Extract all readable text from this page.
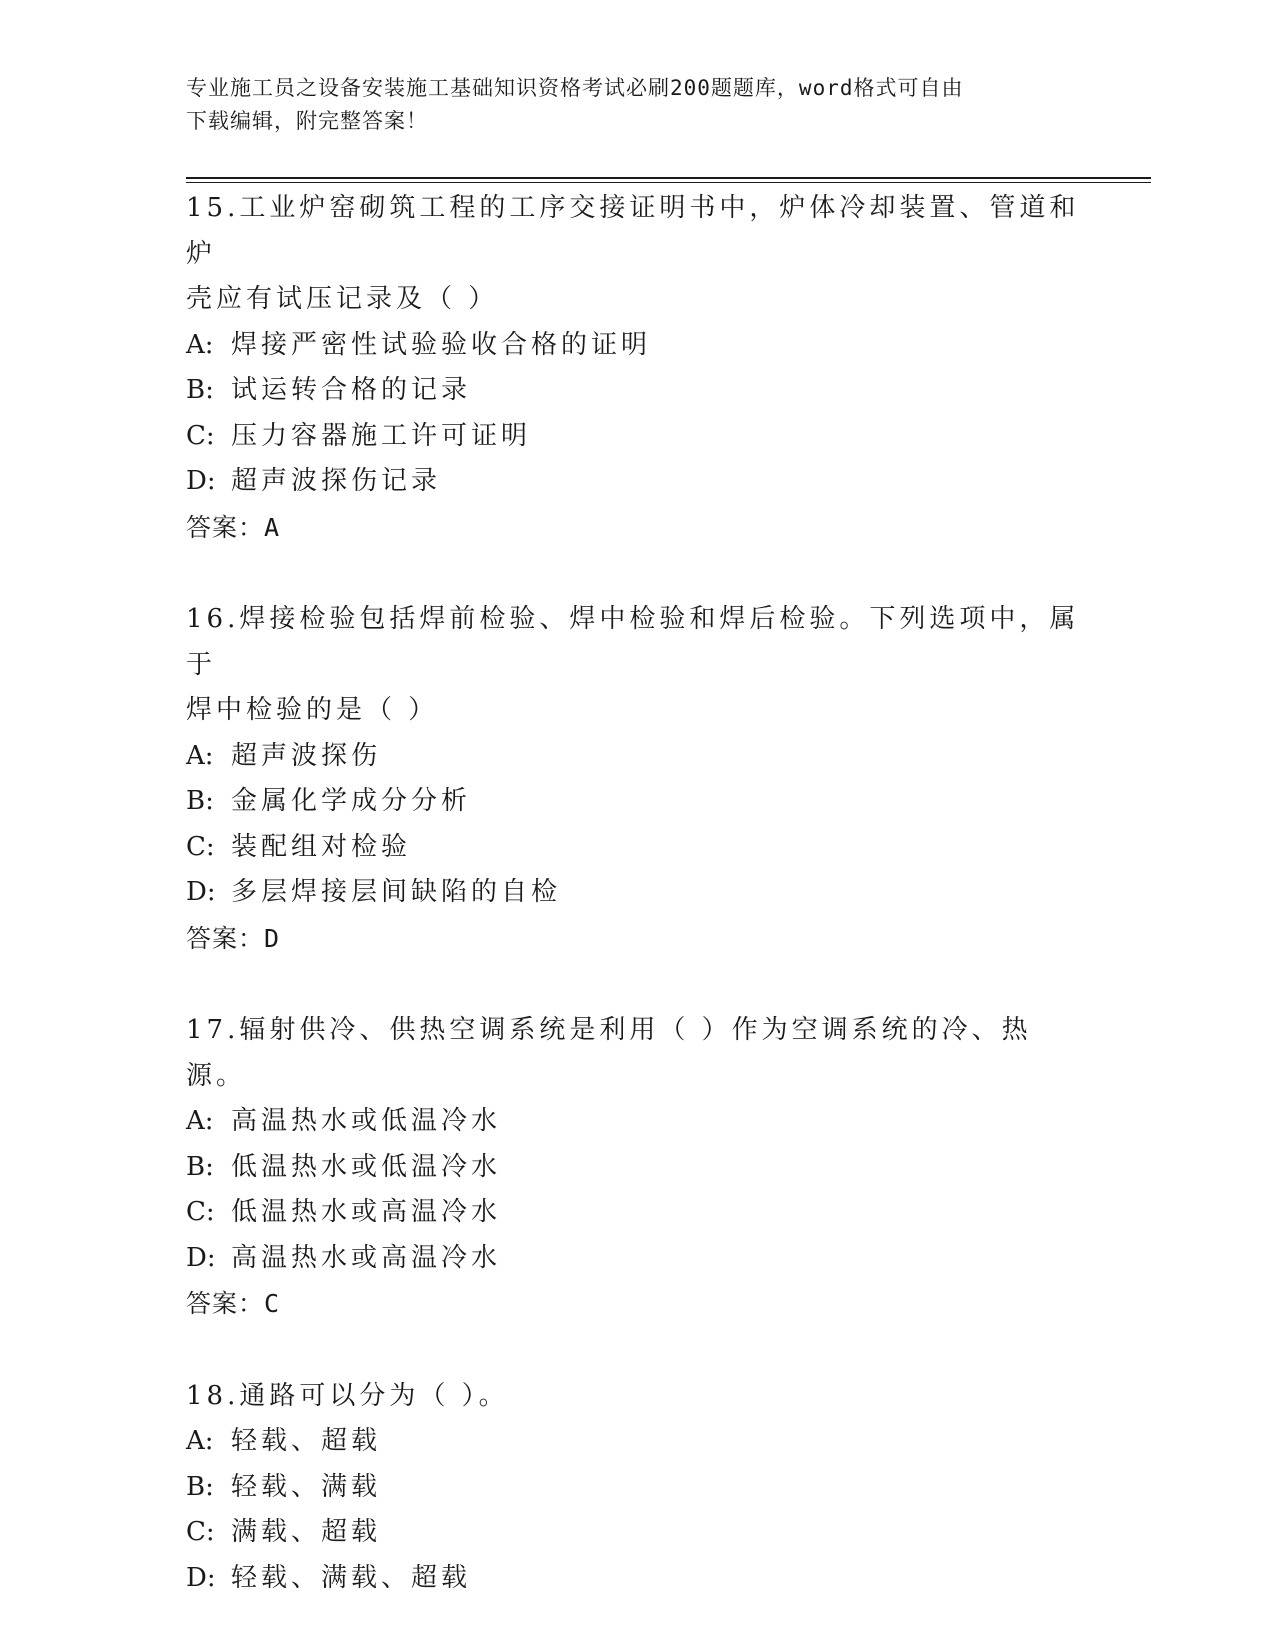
专业施工员之设备安装施工基础知识资格考试必刷200题题库，word格式可自由
下载编辑，附完整答案！
15.工业炉窑砌筑工程的工序交接证明书中，炉体冷却装置、管道和炉
壳应有试压记录及（ ）
A: 焊接严密性试验验收合格的证明
B: 试运转合格的记录
C: 压力容器施工许可证明
D: 超声波探伤记录
答案：A
16.焊接检验包括焊前检验、焊中检验和焊后检验。下列选项中，属于
焊中检验的是（ ）
A: 超声波探伤
B: 金属化学成分分析
C: 装配组对检验
D: 多层焊接层间缺陷的自检
答案：D
17.辐射供冷、供热空调系统是利用（ ）作为空调系统的冷、热源。
A: 高温热水或低温冷水
B: 低温热水或低温冷水
C: 低温热水或高温冷水
D: 高温热水或高温冷水
答案：C
18.通路可以分为（ ）。
A: 轻载、超载
B: 轻载、满载
C: 满载、超载
D: 轻载、满载、超载
